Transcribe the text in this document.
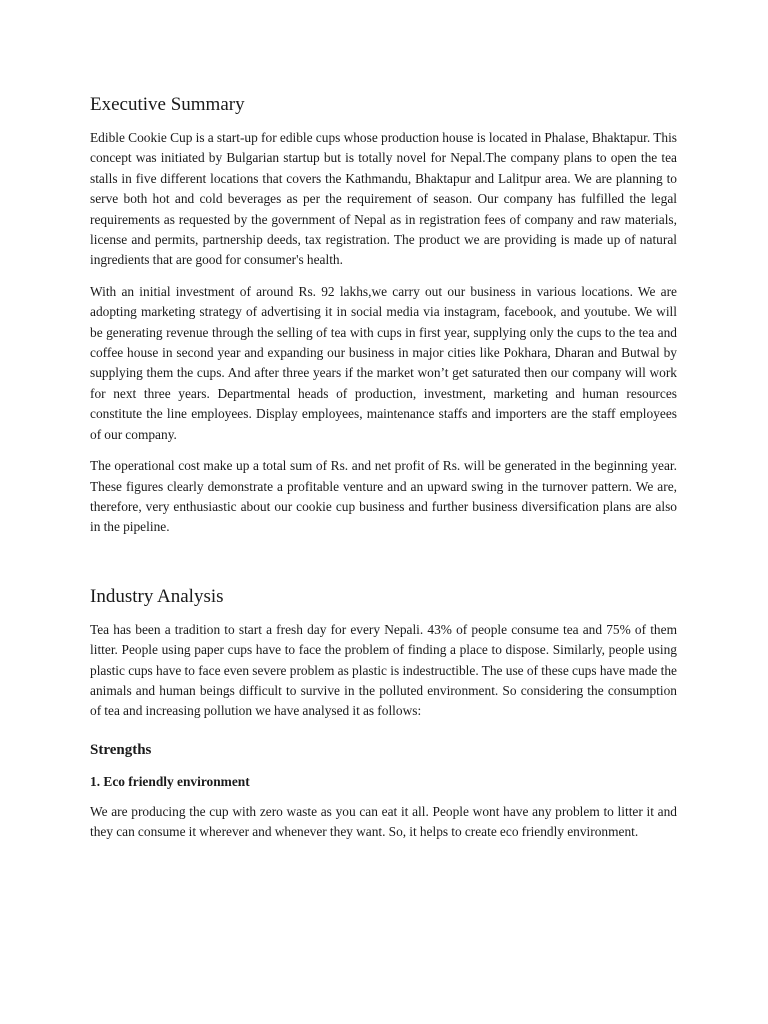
Executive Summary

Edible Cookie Cup is a start-up for edible cups whose production house is located in Phalase, Bhaktapur. This concept was initiated by Bulgarian startup but is totally novel for Nepal.The company plans to open the tea stalls in five different locations that covers the Kathmandu, Bhaktapur and Lalitpur area. We are planning to serve both hot and cold beverages as per the requirement of season. Our company has fulfilled the legal requirements as requested by the government of Nepal as in registration fees of company and raw materials, license and permits, partnership deeds, tax registration. The product we are providing is made up of natural ingredients that are good for consumer's health.

With an initial investment of around Rs. 92 lakhs,we carry out our business in various locations. We are adopting marketing strategy of advertising it in social media via instagram, facebook, and youtube. We will be generating revenue through the selling of tea with cups in first year, supplying only the cups to the tea and coffee house in second year and expanding our business in major cities like Pokhara, Dharan and Butwal by supplying them the cups. And after three years if the market won’t get saturated then our company will work for next three years. Departmental heads of production, investment, marketing and human resources constitute the line employees. Display employees, maintenance staffs and importers are the staff employees of our company.

The operational cost make up a total sum of Rs. and net profit of Rs. will be generated in the beginning year. These figures clearly demonstrate a profitable venture and an upward swing in the turnover pattern. We are, therefore, very enthusiastic about our cookie cup business and further business diversification plans are also in the pipeline.

Industry Analysis

Tea has been a tradition to start a fresh day for every Nepali. 43% of people consume tea and 75% of them litter. People using paper cups have to face the problem of finding a place to dispose. Similarly, people using plastic cups have to face even severe problem as plastic is indestructible. The use of these cups have made the animals and human beings difficult to survive in the polluted environment. So considering the consumption of tea and increasing pollution we have analysed it as follows:

Strengths
1. Eco friendly environment

We are producing the cup with zero waste as you can eat it all. People wont have any problem to litter it and they can consume it wherever and whenever they want. So, it helps to create eco friendly environment.
